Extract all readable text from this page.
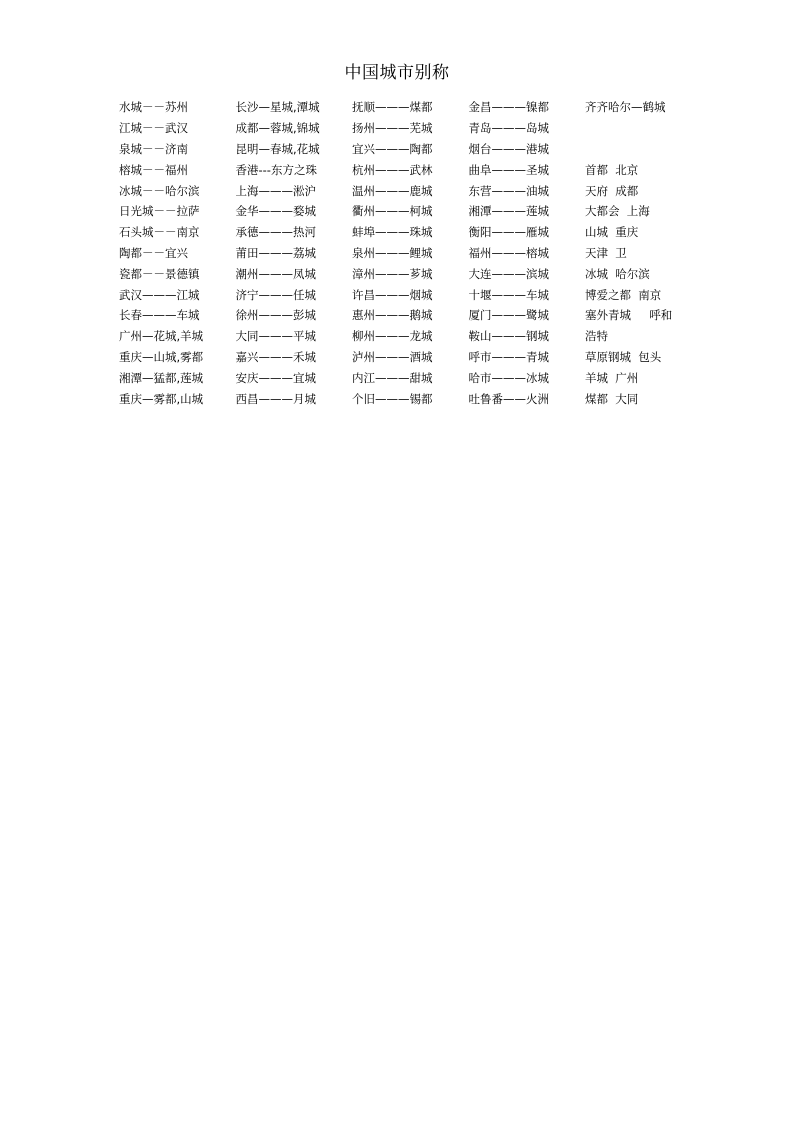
中国城市别称
水城－－苏州	长沙—星城,潭城	抚顺———煤都	金昌———镍都	齐齐哈尔—鹤城
江城－－武汉	成都—蓉城,锦城	扬州———芜城	青岛———岛城
泉城－－济南	昆明—春城,花城	宜兴———陶都	烟台———港城
榕城－－福州	香港---东方之珠	杭州———武林	曲阜———圣城	首都  北京
冰城－－哈尔滨	上海———淞沪	温州———鹿城	东营———油城	天府  成都
日光城－－拉萨	金华———婺城	衢州———柯城	湘潭———莲城	大都会  上海
石头城－－南京	承德———热河	蚌埠———珠城	衡阳———雁城	山城  重庆
陶都－－宜兴	莆田———荔城	泉州———鲤城	福州———榕城	天津  卫
瓷都－－景德镇	潮州———凤城	漳州———芗城	大连———滨城	冰城  哈尔滨
武汉———江城	济宁———任城	许昌———烟城	十堰———车城	博爱之都  南京
长春———车城	徐州———彭城	惠州———鹅城	厦门———鹭城	塞外青城     呼和
广州—花城,羊城	大同———平城	柳州———龙城	鞍山———钢城	浩特
重庆—山城,雾都	嘉兴———禾城	泸州———酒城	呼市———青城	草原钢城  包头
湘潭—猛都,莲城	安庆———宜城	内江———甜城	哈市———冰城	羊城  广州
重庆—雾都,山城	西昌———月城	个旧———锡都	吐鲁番——火洲	煤都  大同
